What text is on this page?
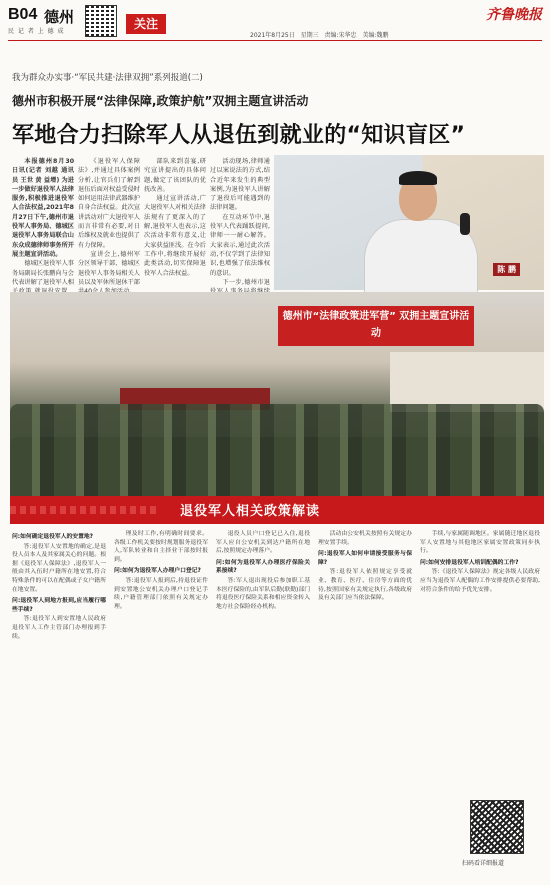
B04 德州
民 记 者 上 德 成
关注
齐鲁晚报
2021年8月25日 星期三 责编:宋华忠 美编:魏鹏
我为群众办实事·“军民共建·法律双拥”系列报道(二)
德州市积极开展“法律保障,政策护航”双拥主题宣讲活动
军地合力扫除军人从退伍到就业的“知识盲区”

本报德州8月30日讯(记者 刘越 通讯员 王世 黄 益增) 为进一步做好退役军人法律服务,积极推进退役军人合法权益,2021年8月27日下午,德州市退役军人事务局、德城区退役军人事务局联合山东众成德律师事务所开展主题宣讲活动。

德城区退役军人事务局副局长张鹏向与会代表讲解了退役军人相

《退役军人保障法》,并通过具体案例分析,让官兵们了解到退伍后面对权益受侵时如何运用法律武器维护自身合法权益。此次宣讲活动对广大退役军人而言非常有必要,对日后维权及就业也提供了有力保障。

宣讲会上,德州军分区领导干部、德城区退役军人事务局相关人员以及军休所退休干部

部队来到喜宴,研究宣讲提出的具体问题,做定了该团队的优抚改善。

通过宣讲活动,广大退役军人对相关法律法规有了更深入的了解,退役军人也表示,这次活动非常有意义,让大家获益匪浅。在今后工作中,将继续开展好此类活动,切实保障退役军人合法权益。

活动现场,律师通过以案说法的方式,结合近年来发生的典型案例,为退役军人讲解了退役后可能遇到的法律问题。

在互动环节中,退役军人代表踊跃提问,律师一一耐心解答。大家表示,通过此次活动,不仅学到了法律知识,也增强了依法维权的意识。

下一步,德州市退

陈 鹏
德州市“法律政策进军营” 双拥主题宣讲活动
退役军人相关政策解读

问:如何确定退役军人的安置地?

答:退役军人安置地的确定,是退役人员本人及其家属关心的问题。根据《退役军人保障法》,退役军人一般由其入伍时户籍所在地安置,符合特殊条件的可以在配偶或子女户籍所在地安置。

问:退役军人到地方报到,应当履行哪些手续?

答:退役军人到安置地人民政府退役军人工作主管部门办理报到手续。

理及时工作,有明确时间要求。各级工作机关要按时规划服务退役军人,军队转业和自主择业干部按时报到。

问:如何为退役军人办理户口登记?

答:退役军人报到后,持退役证件到安置地公安机关办理户口登记手续,户籍管理部门依照有关规定办理。

退役人员户口登记已入住,退役军人应自公安机关到达户籍所在地后,按照规定办理落户。

问:如何为退役军人办理医疗保险关系接续?

答:军人退出现役后参加职工基本医疗保险的,由军队后勤(联勤)部门将退役医疗保险关系和相应资金转入地方社会保险经办机构。

活动由公安机关按照有关规定办理安置手续。

问:退役军人如何申请接受服务与保障?

答:退役军人依照规定享受就业、教育、医疗、住房等方面的优待,按照国家有关规定执行,各级政府及有关部门应当依法保障。

手续,与家属随调地区。家属随迁地区退役军人安置地与其他地区家属安置政策同步执行。

问:如何安排退役军人培训配偶的工作?

答:《退役军人保障法》规定各级人民政府应当为退役军人配偶的工作安排提供必要帮助,对符合条件的给予优先安排。

扫码看详细报道
